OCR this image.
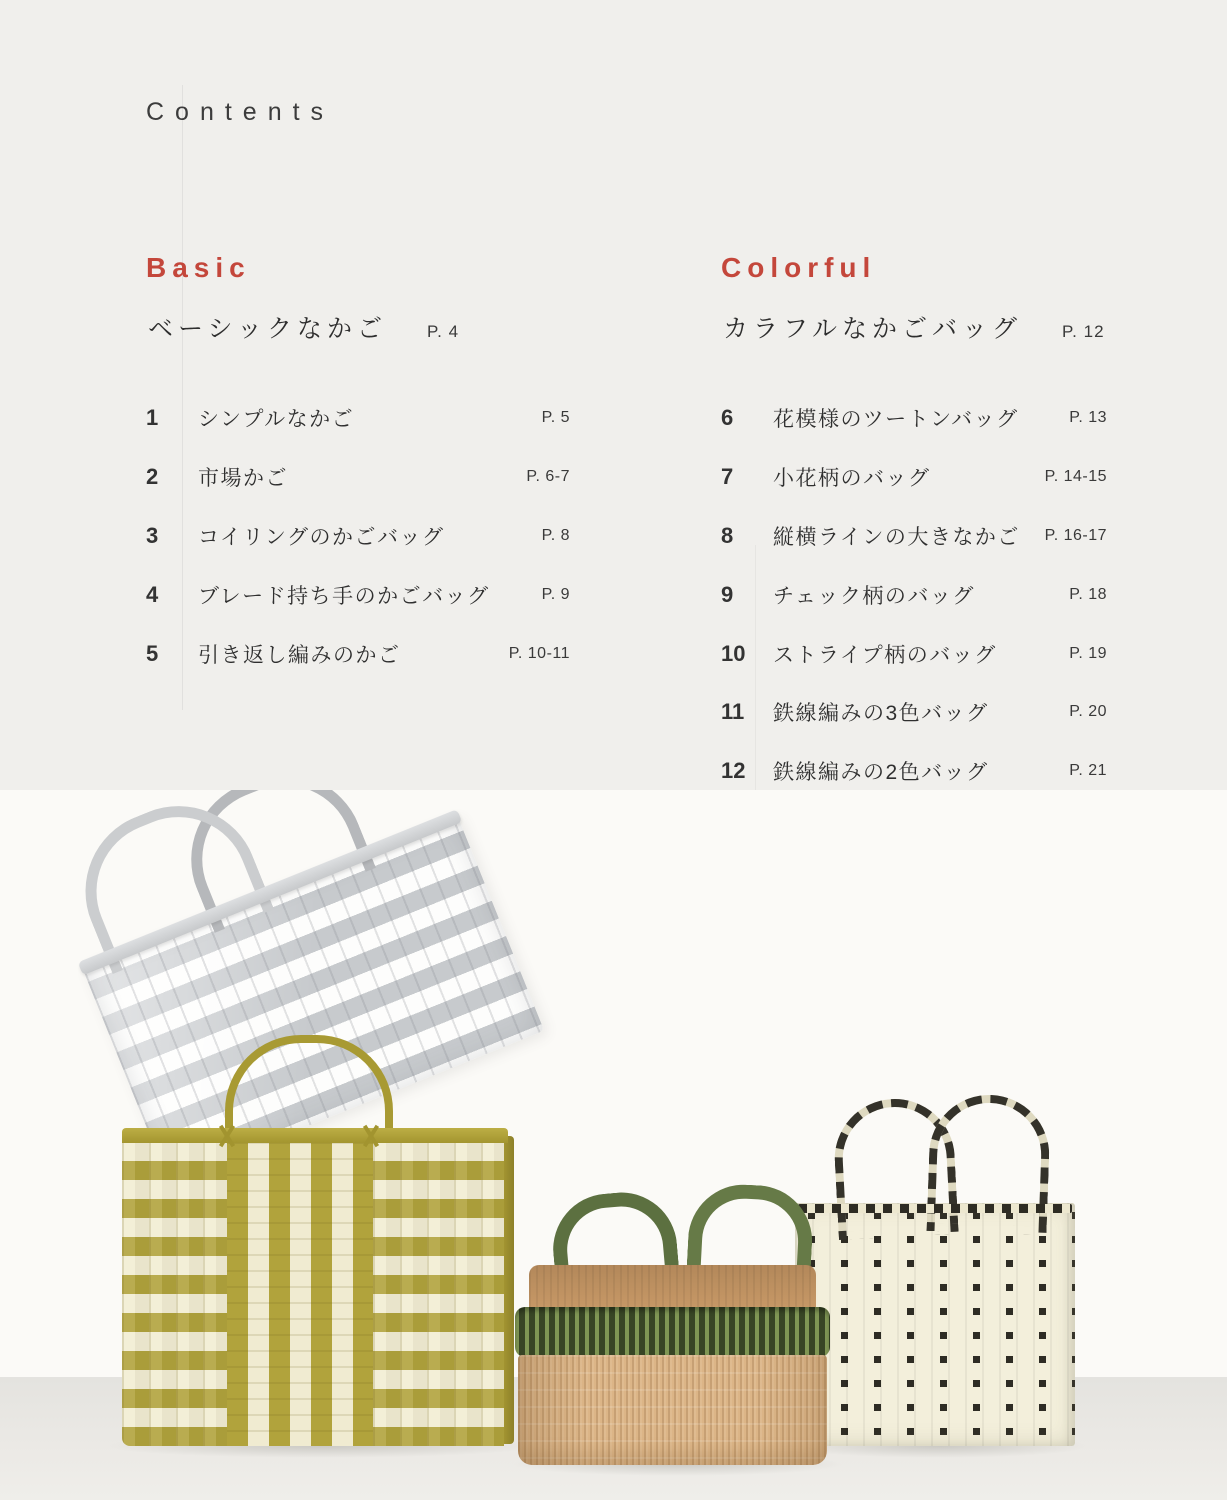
Contents
Basic
ベーシックなかご P. 4
1	シンプルなかご	P. 5
2	市場かご	P. 6-7
3	コイリングのかごバッグ	P. 8
4	ブレード持ち手のかごバッグ	P. 9
5	引き返し編みのかご	P. 10-11
Colorful
カラフルなかごバッグ P. 12
6	花模様のツートンバッグ	P. 13
7	小花柄のバッグ	P. 14-15
8	縦横ラインの大きなかご P. 16-17
9	チェック柄のバッグ	P. 18
10	ストライプ柄のバッグ	P. 19
11	鉄線編みの3色バッグ	P. 20
12	鉄線編みの2色バッグ	P. 21
